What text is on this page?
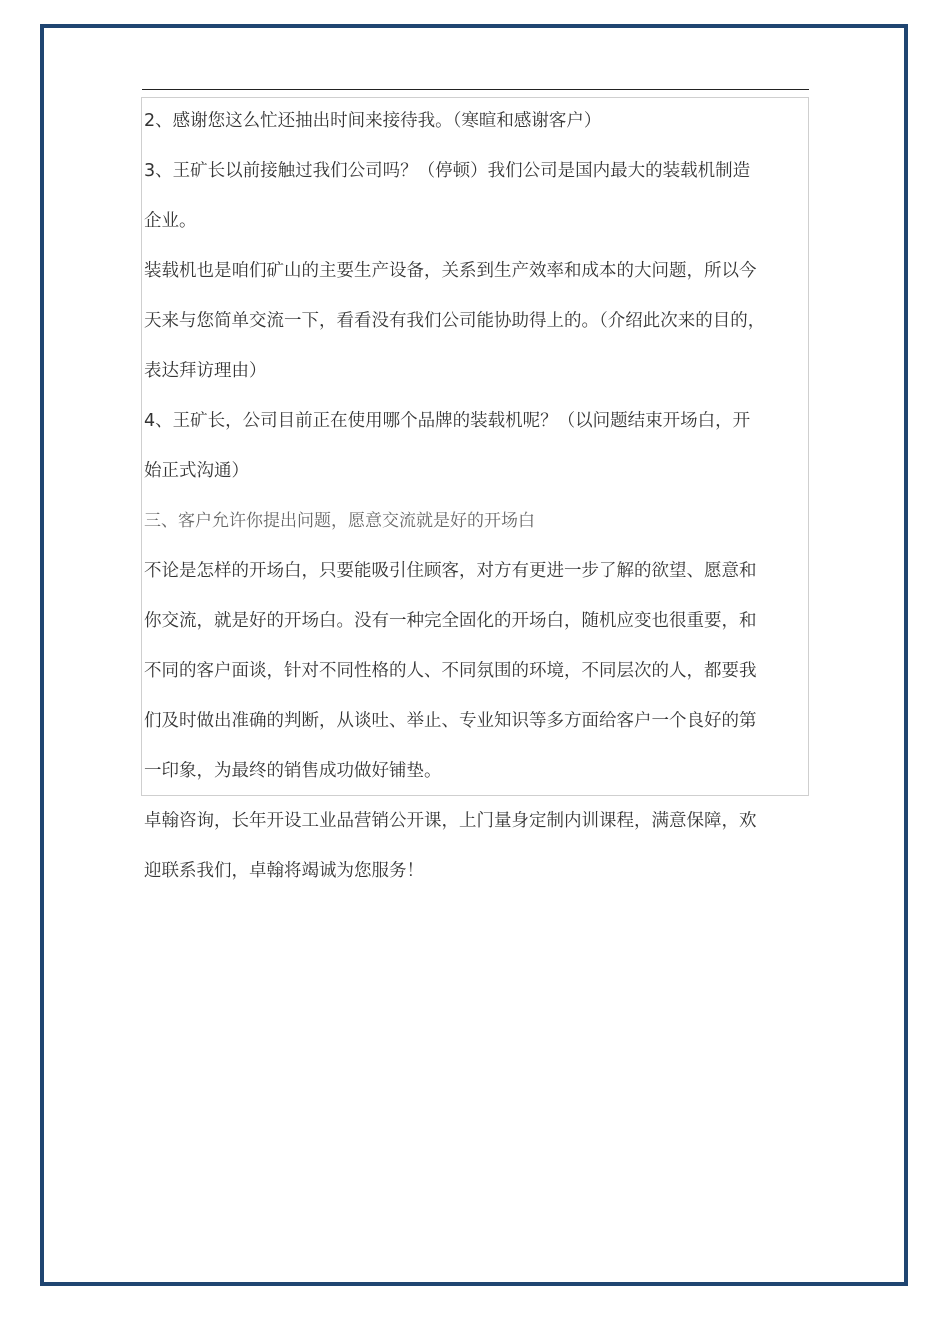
2、感谢您这么忙还抽出时间来接待我。（寒暄和感谢客户）

3、王矿长以前接触过我们公司吗？（停顿）我们公司是国内最大的装载机制造

企业。

装载机也是咱们矿山的主要生产设备，关系到生产效率和成本的大问题，所以今

天来与您简单交流一下，看看没有我们公司能协助得上的。（介绍此次来的目的，

表达拜访理由）

4、王矿长，公司目前正在使用哪个品牌的装载机呢？（以问题结束开场白，开

始正式沟通）

三、客户允许你提出问题，愿意交流就是好的开场白

不论是怎样的开场白，只要能吸引住顾客，对方有更进一步了解的欲望、愿意和

你交流，就是好的开场白。没有一种完全固化的开场白，随机应变也很重要，和

不同的客户面谈，针对不同性格的人、不同氛围的环境，不同层次的人，都要我

们及时做出准确的判断，从谈吐、举止、专业知识等多方面给客户一个良好的第

一印象，为最终的销售成功做好铺垫。

卓翰咨询，长年开设工业品营销公开课，上门量身定制内训课程，满意保障，欢

迎联系我们，卓翰将竭诚为您服务！
